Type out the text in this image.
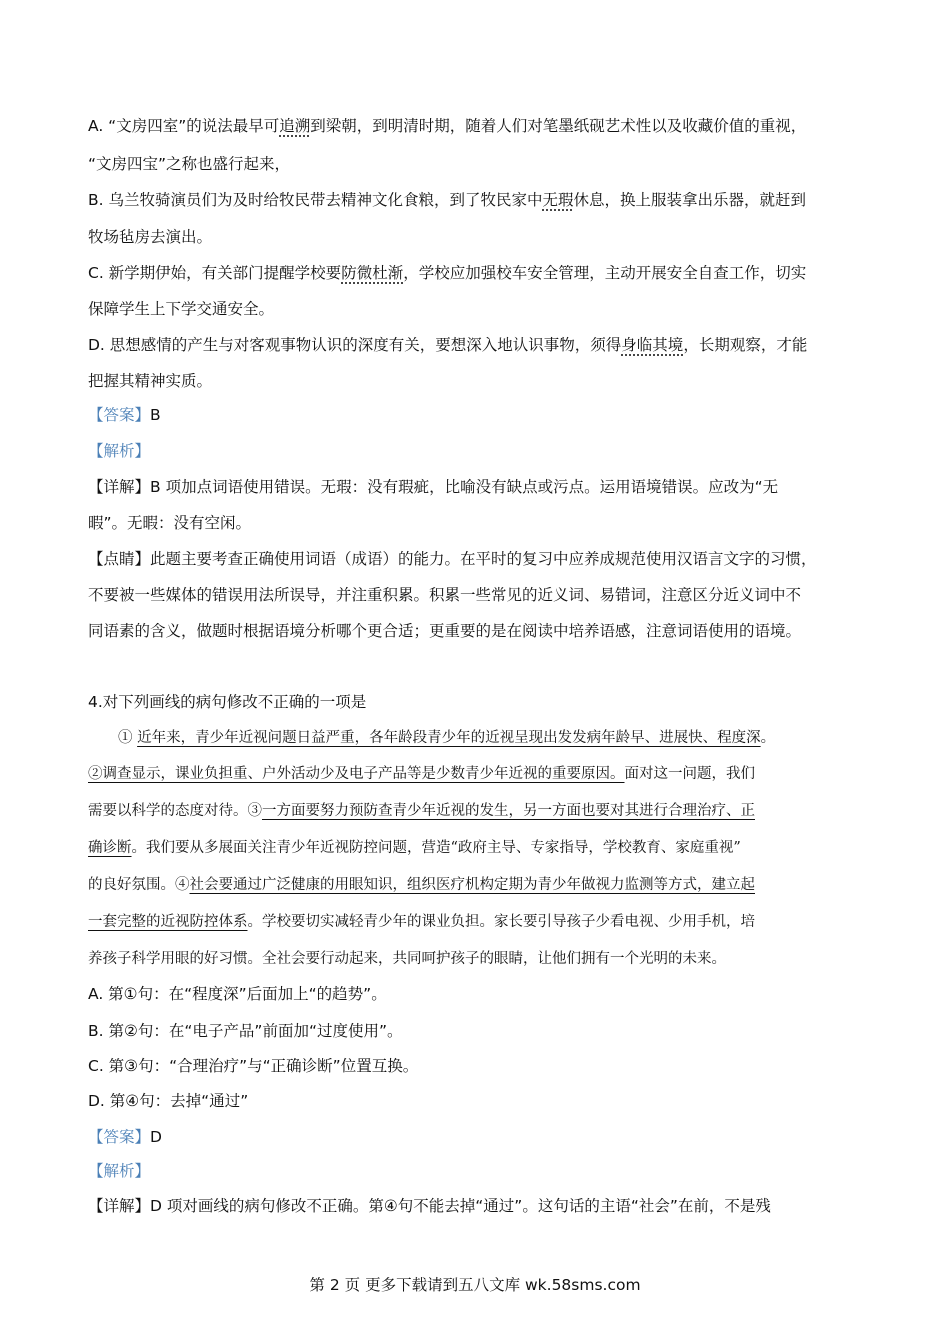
A. “文房四室”的说法最早可追溯到梁朝，到明清时期，随着人们对笔墨纸砚艺术性以及收藏价值的重视，
“文房四宝”之称也盛行起来，
B. 乌兰牧骑演员们为及时给牧民带去精神文化食粮，到了牧民家中无瑕休息，换上服装拿出乐器，就赶到
牧场毡房去演出。
C. 新学期伊始，有关部门提醒学校要防微杜渐，学校应加强校车安全管理，主动开展安全自查工作，切实
保障学生上下学交通安全。
D. 思想感情的产生与对客观事物认识的深度有关，要想深入地认识事物，须得身临其境，长期观察，才能
把握其精神实质。
【答案】B
【解析】
【详解】B 项加点词语使用错误。无瑕：没有瑕疵，比喻没有缺点或污点。运用语境错误。应改为“无
暇”。无暇：没有空闲。
【点睛】此题主要考查正确使用词语（成语）的能力。在平时的复习中应养成规范使用汉语言文字的习惯，
不要被一些媒体的错误用法所误导，并注重积累。积累一些常见的近义词、易错词，注意区分近义词中不
同语素的含义，做题时根据语境分析哪个更合适；更重要的是在阅读中培养语感，注意词语使用的语境。
4.对下列画线的病句修改不正确的一项是
① 近年来，青少年近视问题日益严重，各年龄段青少年的近视呈现出发发病年龄早、进展快、程度深。
②调查显示，课业负担重、户外活动少及电子产品等是少数青少年近视的重要原因。面对这一问题，我们
需要以科学的态度对待。③一方面要努力预防查青少年近视的发生，另一方面也要对其进行合理治疗、正
确诊断。我们要从多展面关注青少年近视防控问题，营造“政府主导、专家指导，学校教育、家庭重视”
的良好氛围。④社会要通过广泛健康的用眼知识，组织医疗机构定期为青少年做视力监测等方式，建立起
一套完整的近视防控体系。学校要切实减轻青少年的课业负担。家长要引导孩子少看电视、少用手机，培
养孩子科学用眼的好习惯。全社会要行动起来，共同呵护孩子的眼睛，让他们拥有一个光明的未来。
A. 第①句：在“程度深”后面加上“的趋势”。
B. 第②句：在“电子产品”前面加“过度使用”。
C. 第③句：“合理治疗”与“正确诊断”位置互换。
D. 第④句：去掉“通过”
【答案】D
【解析】
【详解】D 项对画线的病句修改不正确。第④句不能去掉“通过”。这句话的主语“社会”在前，不是残
第 2 页 更多下载请到五八文库 wk.58sms.com
